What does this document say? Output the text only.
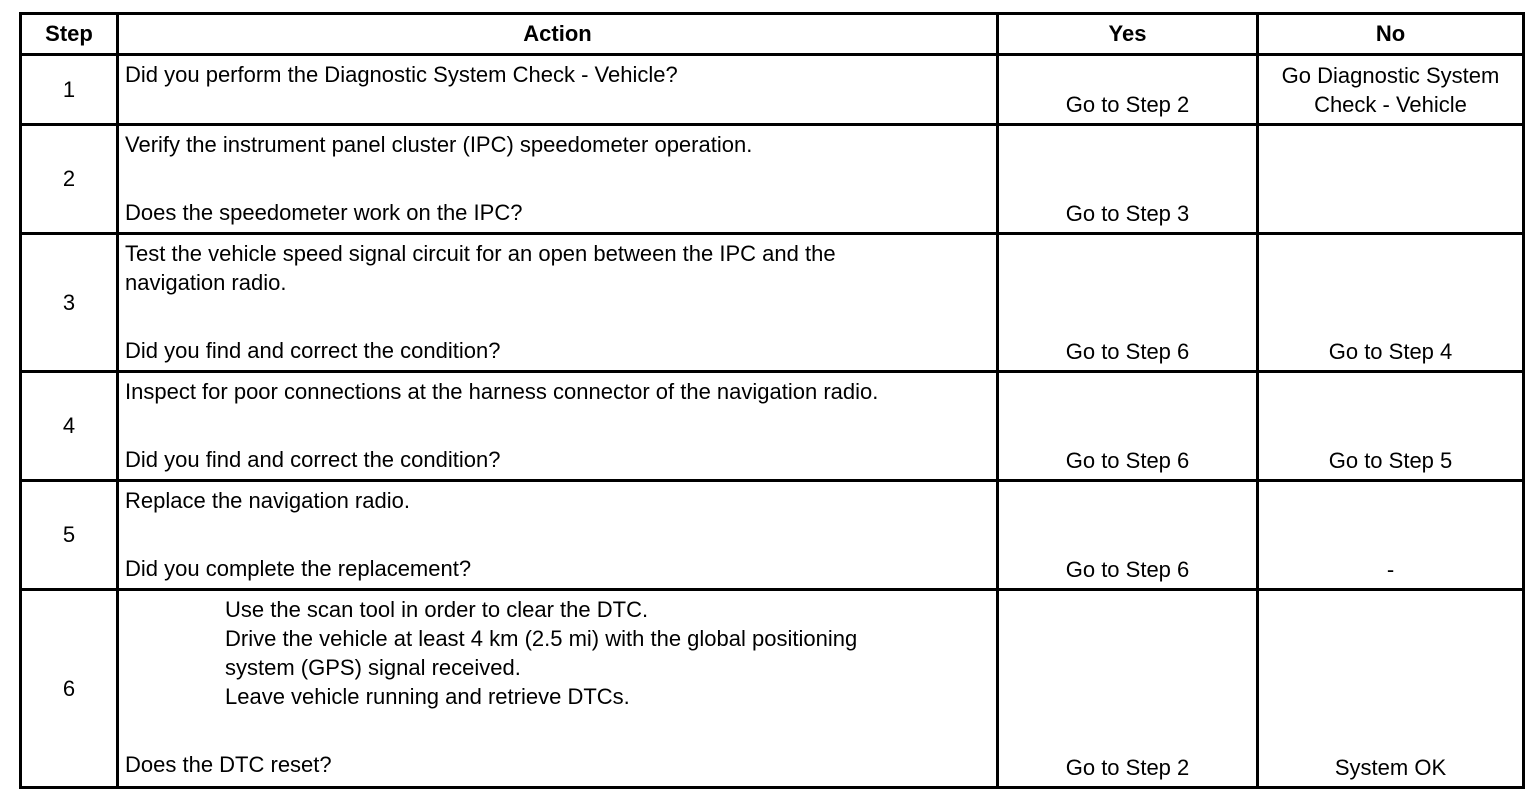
Step	Action	Yes	No
1	Did you perform the Diagnostic System Check - Vehicle?	Go to Step 2	Go Diagnostic System
Check - Vehicle

2	Verify the instrument panel cluster (IPC) speedometer operation.
Does the speedometer work on the IPC?	Go to Step 3	
3	Test the vehicle speed signal circuit for an open between the IPC and the
navigation radio.
Did you find and correct the condition?	Go to Step 6	Go to Step 4
4	Inspect for poor connections at the harness connector of the navigation radio.
Did you find and correct the condition?	Go to Step 6	Go to Step 5
5	Replace the navigation radio.
Did you complete the replacement?	Go to Step 6	-
6	Use the scan tool in order to clear the DTC.
Drive the vehicle at least 4 km (2.5 mi) with the global positioning
system (GPS) signal received.
Leave vehicle running and retrieve DTCs.
Does the DTC reset?	Go to Step 2	System OK
